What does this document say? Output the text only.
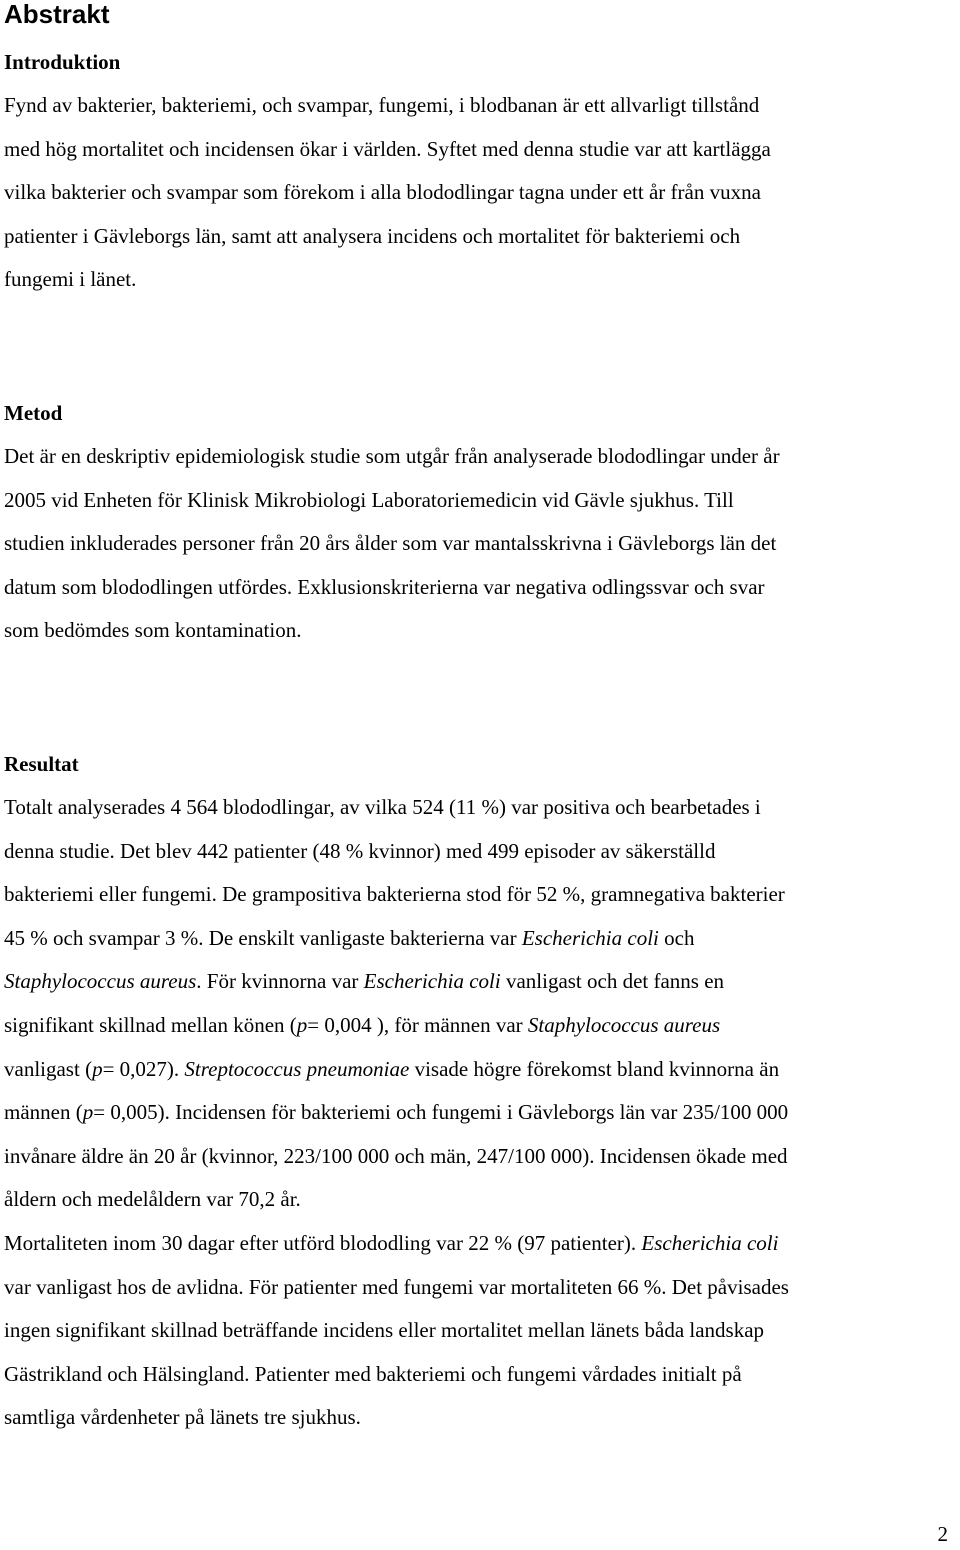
Abstrakt
Introduktion
Fynd av bakterier, bakteriemi, och svampar, fungemi, i blodbanan är ett allvarligt tillstånd
med hög mortalitet och incidensen ökar i världen. Syftet med denna studie var att kartlägga
vilka bakterier och svampar som förekom i alla blododlingar tagna under ett år från vuxna
patienter i Gävleborgs län, samt att analysera incidens och mortalitet för bakteriemi och
fungemi i länet.
Metod
Det är en deskriptiv epidemiologisk studie som utgår från analyserade blododlingar under år
2005 vid Enheten för Klinisk Mikrobiologi Laboratoriemedicin vid Gävle sjukhus. Till
studien inkluderades personer från 20 års ålder som var mantalsskrivna i Gävleborgs län det
datum som blododlingen utfördes. Exklusionskriterierna var negativa odlingssvar och svar
som bedömdes som kontamination.
Resultat
Totalt analyserades 4 564 blododlingar, av vilka 524 (11 %) var positiva och bearbetades i
denna studie. Det blev 442 patienter (48 % kvinnor) med 499 episoder av säkerställd
bakteriemi eller fungemi. De grampositiva bakterierna stod för 52 %, gramnegativa bakterier
45 % och svampar 3 %. De enskilt vanligaste bakterierna var Escherichia coli och
Staphylococcus aureus. För kvinnorna var Escherichia coli vanligast och det fanns en
signifikant skillnad mellan könen (p= 0,004 ), för männen var Staphylococcus aureus
vanligast (p= 0,027). Streptococcus pneumoniae visade högre förekomst bland kvinnorna än
männen (p= 0,005). Incidensen för bakteriemi och fungemi i Gävleborgs län var 235/100 000
invånare äldre än 20 år (kvinnor, 223/100 000 och män, 247/100 000). Incidensen ökade med
åldern och medelåldern var 70,2 år.
Mortaliteten inom 30 dagar efter utförd blododling var 22 % (97 patienter). Escherichia coli
var vanligast hos de avlidna. För patienter med fungemi var mortaliteten 66 %. Det påvisades
ingen signifikant skillnad beträffande incidens eller mortalitet mellan länets båda landskap
Gästrikland och Hälsingland. Patienter med bakteriemi och fungemi vårdades initialt på
samtliga vårdenheter på länets tre sjukhus.
2
